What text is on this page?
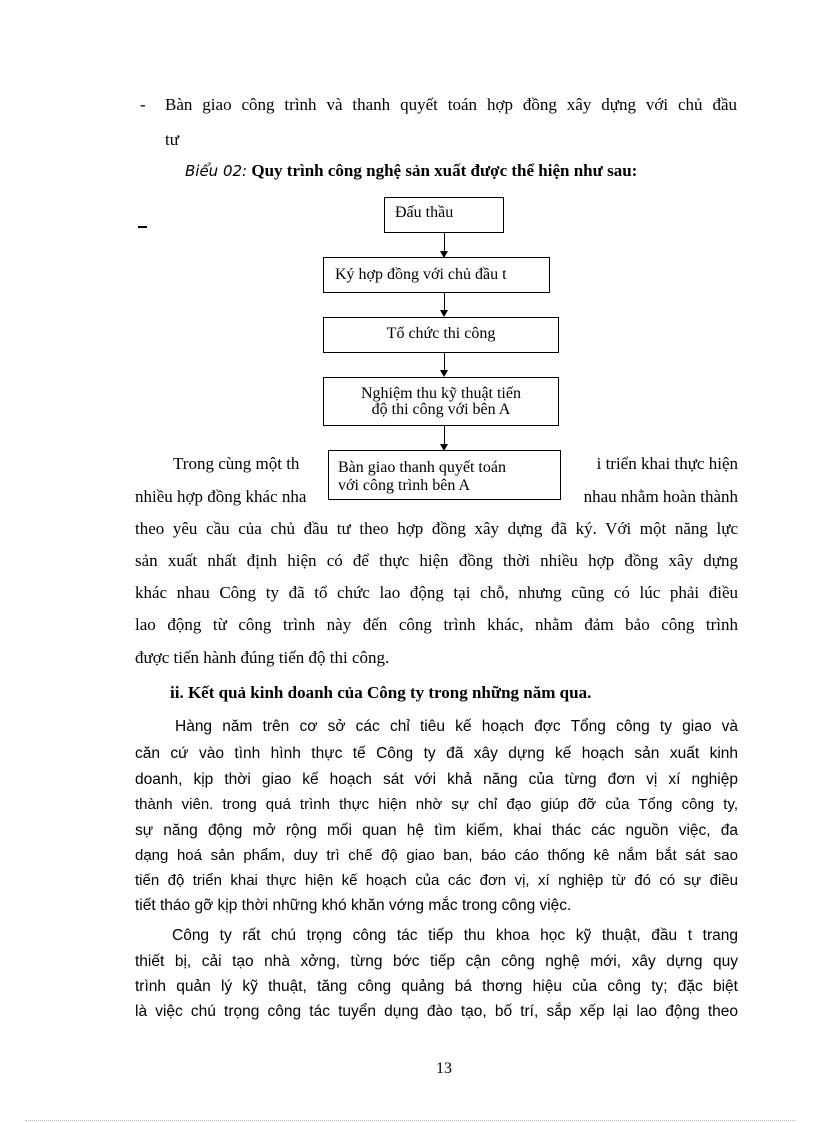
- Bàn giao công trình và thanh quyết toán hợp đồng xây dựng với chủ đầu
tư
Biểu 02: Quy trình công nghệ sản xuất được thể hiện như sau:
Đấu thầu
Ký hợp đồng với chủ đầu t
Tổ chức thi công
Nghiệm thu kỹ thuật tiến
độ thi công với bên A
Bàn giao thanh quyết toán
với công trình bên A
Trong cùng một th	i triển khai thực hiện
nhiều hợp đồng khác nha	nhau nhằm hoàn thành
theo yêu cầu của chủ đầu tư theo hợp đồng xây dựng đã ký. Với một năng lực
sản xuất nhất định hiện có để thực hiện đồng thời nhiều hợp đồng xây dựng
khác nhau Công ty đã tổ chức lao động tại chỗ, nhưng cũng có lúc phải điều
lao động từ công trình này đến công trình khác, nhằm đảm bảo công trình
được tiến hành đúng tiến độ thi công.
ii. Kết quả kinh doanh của Công ty trong những năm qua.
Hàng năm trên cơ sở các chỉ tiêu kế hoạch đợc Tổng công ty giao và
căn cứ vào tình hình thực tế Công ty đã xây dựng kế hoạch sản xuất kinh
doanh, kịp thời giao kế hoạch sát với khả năng của từng đơn vị xí nghiệp
thành viên. trong quá trình thực hiện nhờ sự chỉ đạo giúp đỡ của Tổng công ty,
sự năng động mở rộng mối quan hệ tìm kiếm, khai thác các nguồn việc, đa
dạng hoá sản phẩm, duy trì chế độ giao ban, báo cáo thống kê nắm bắt sát sao
tiến độ triển khai thực hiện kế hoạch của các đơn vị, xí nghiệp từ đó có sự điều
tiết tháo gỡ kịp thời những khó khăn vớng mắc trong công việc.
Công ty rất chú trọng công tác tiếp thu khoa học kỹ thuật, đầu t trang
thiết bị, cải tạo nhà xởng, từng bớc tiếp cận công nghệ mới, xây dựng quy
trình quản lý kỹ thuật, tăng công quảng bá thơng hiệu của công ty; đặc biệt
là việc chú trọng công tác tuyển dụng đào tạo, bố trí, sắp xếp lại lao động theo
13
